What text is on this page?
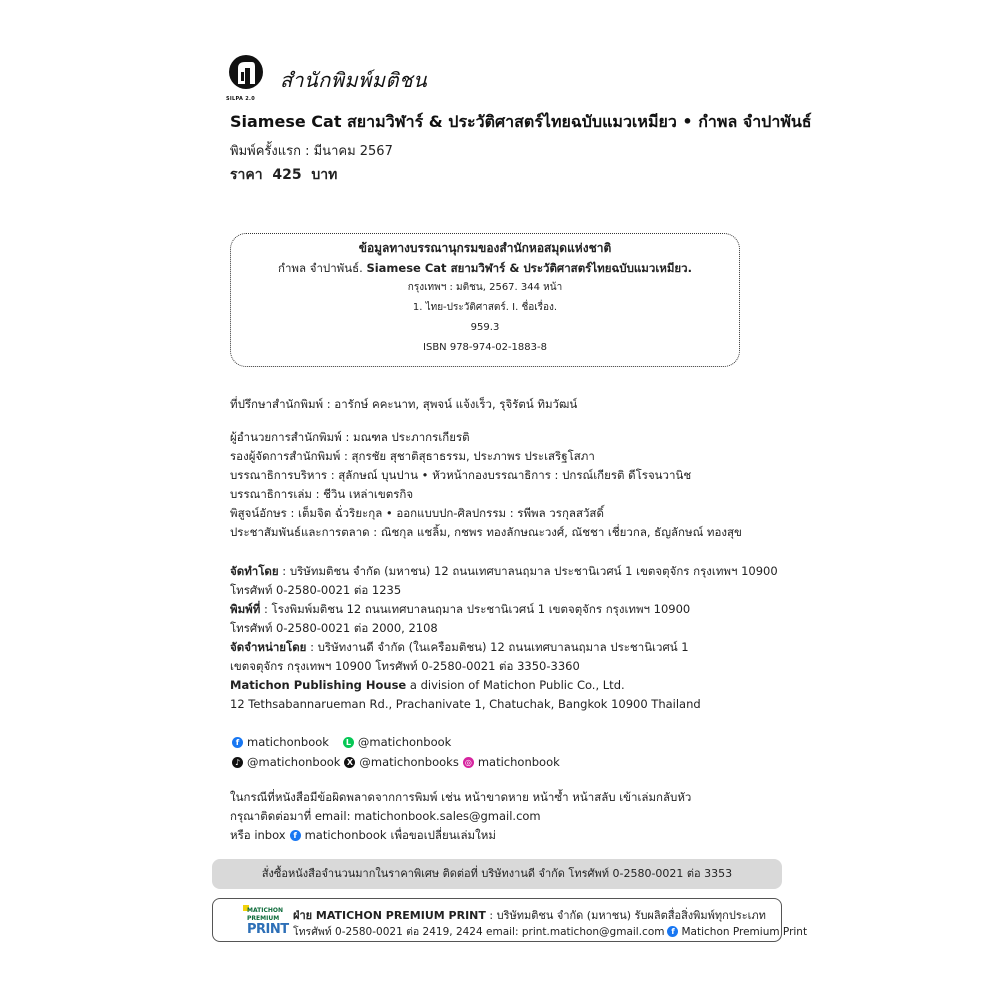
SILPA 2.0
สำนักพิมพ์มติชน
Siamese Cat สยามวิฬาร์ & ประวัติศาสตร์ไทยฉบับแมวเหมียว • กำพล จำปาพันธ์
พิมพ์ครั้งแรก : มีนาคม 2567
ราคา 425 บาท
ข้อมูลทางบรรณานุกรมของสำนักหอสมุดแห่งชาติ
กำพล จำปาพันธ์. Siamese Cat สยามวิฬาร์ & ประวัติศาสตร์ไทยฉบับแมวเหมียว.
กรุงเทพฯ : มติชน, 2567. 344 หน้า
1. ไทย-ประวัติศาสตร์. I. ชื่อเรื่อง.
959.3
ISBN 978-974-02-1883-8
ที่ปรึกษาสำนักพิมพ์ : อารักษ์ คคะนาท, สุพจน์ แจ้งเร็ว, รุจิรัตน์ ทิมวัฒน์
ผู้อำนวยการสำนักพิมพ์ : มณฑล ประภากรเกียรติ
รองผู้จัดการสำนักพิมพ์ : สุกรชัย สุชาติสุธาธรรม, ประภาพร ประเสริฐโสภา
บรรณาธิการบริหาร : สุลักษณ์ บุนปาน • หัวหน้ากองบรรณาธิการ : ปกรณ์เกียรติ ดีโรจนวานิช
บรรณาธิการเล่ม : ชีวิน เหล่าเขตรกิจ
พิสูจน์อักษร : เต็มจิต ฉั่วริยะกุล • ออกแบบปก-ศิลปกรรม : รพีพล วรกุลสวัสดิ์
ประชาสัมพันธ์และการตลาด : ณิชกุล แชลิ้ม, กชพร ทองลักษณะวงศ์, ณัชชา เชี่ยวกล, ธัญลักษณ์ ทองสุข
จัดทำโดย : บริษัทมติชน จำกัด (มหาชน) 12 ถนนเทศบาลนฤมาล ประชานิเวศน์ 1 เขตจตุจักร กรุงเทพฯ 10900
โทรศัพท์ 0-2580-0021 ต่อ 1235
พิมพ์ที่ : โรงพิมพ์มติชน 12 ถนนเทศบาลนฤมาล ประชานิเวศน์ 1 เขตจตุจักร กรุงเทพฯ 10900
โทรศัพท์ 0-2580-0021 ต่อ 2000, 2108
จัดจำหน่ายโดย : บริษัทงานดี จำกัด (ในเครือมติชน) 12 ถนนเทศบาลนฤมาล ประชานิเวศน์ 1
เขตจตุจักร กรุงเทพฯ 10900 โทรศัพท์ 0-2580-0021 ต่อ 3350-3360
Matichon Publishing House a division of Matichon Public Co., Ltd.
12 Tethsabannarueman Rd., Prachanivate 1, Chatuchak, Bangkok 10900 Thailand
f matichonbook	L @matichonbook
♪ @matichonbook X @matichonbooks ◎ matichonbook
ในกรณีที่หนังสือมีข้อผิดพลาดจากการพิมพ์ เช่น หน้าขาดหาย หน้าซ้ำ หน้าสลับ เข้าเล่มกลับหัว
กรุณาติดต่อมาที่ email: matichonbook.sales@gmail.com
หรือ inbox f matichonbook เพื่อขอเปลี่ยนเล่มใหม่
สั่งซื้อหนังสือจำนวนมากในราคาพิเศษ ติดต่อที่ บริษัทงานดี จำกัด โทรศัพท์ 0-2580-0021 ต่อ 3353
MATICHON
PREMIUM
PRINT
ฝ่าย MATICHON PREMIUM PRINT : บริษัทมติชน จำกัด (มหาชน) รับผลิตสื่อสิ่งพิมพ์ทุกประเภท
โทรศัพท์ 0-2580-0021 ต่อ 2419, 2424 email: print.matichon@gmail.com f Matichon Premium Print
